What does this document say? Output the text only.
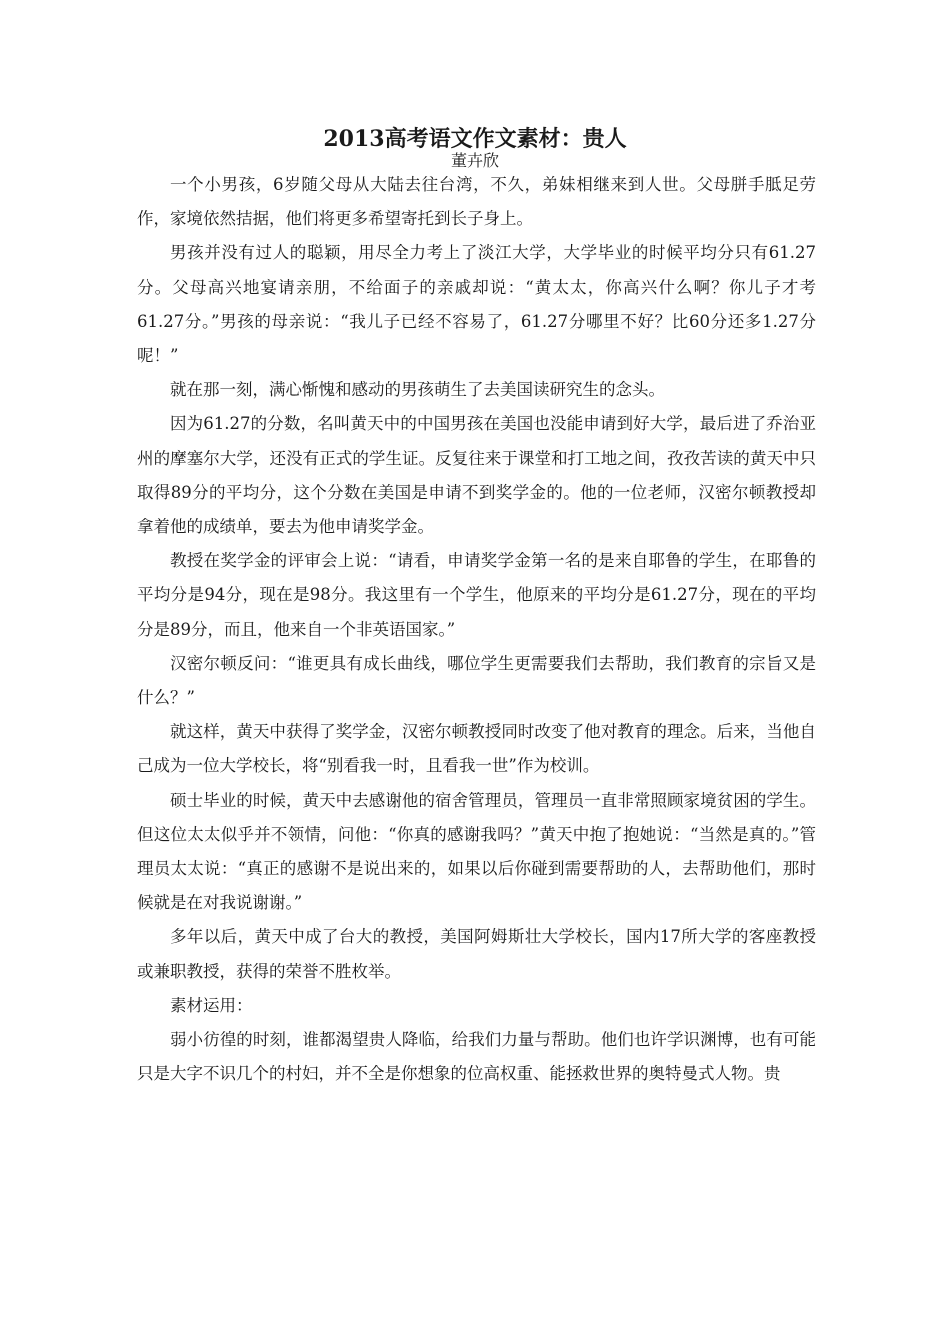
2013高考语文作文素材：贵人
董卉欣

一个小男孩，6岁随父母从大陆去往台湾，不久，弟妹相继来到人世。父母胼手胝足劳作，家境依然拮据，他们将更多希望寄托到长子身上。

男孩并没有过人的聪颖，用尽全力考上了淡江大学，大学毕业的时候平均分只有61.27分。父母高兴地宴请亲朋，不给面子的亲戚却说：“黄太太，你高兴什么啊？你儿子才考61.27分。”男孩的母亲说：“我儿子已经不容易了，61.27分哪里不好？比60分还多1.27分呢！”

就在那一刻，满心惭愧和感动的男孩萌生了去美国读研究生的念头。

因为61.27的分数，名叫黄天中的中国男孩在美国也没能申请到好大学，最后进了乔治亚州的摩塞尔大学，还没有正式的学生证。反复往来于课堂和打工地之间，孜孜苦读的黄天中只取得89分的平均分，这个分数在美国是申请不到奖学金的。他的一位老师，汉密尔顿教授却拿着他的成绩单，要去为他申请奖学金。

教授在奖学金的评审会上说：“请看，申请奖学金第一名的是来自耶鲁的学生，在耶鲁的平均分是94分，现在是98分。我这里有一个学生，他原来的平均分是61.27分，现在的平均分是89分，而且，他来自一个非英语国家。”

汉密尔顿反问：“谁更具有成长曲线，哪位学生更需要我们去帮助，我们教育的宗旨又是什么？”

就这样，黄天中获得了奖学金，汉密尔顿教授同时改变了他对教育的理念。后来，当他自己成为一位大学校长，将“别看我一时，且看我一世”作为校训。

硕士毕业的时候，黄天中去感谢他的宿舍管理员，管理员一直非常照顾家境贫困的学生。但这位太太似乎并不领情，问他：“你真的感谢我吗？”黄天中抱了抱她说：“当然是真的。”管理员太太说：“真正的感谢不是说出来的，如果以后你碰到需要帮助的人，去帮助他们，那时候就是在对我说谢谢。”

多年以后，黄天中成了台大的教授，美国阿姆斯壮大学校长，国内17所大学的客座教授或兼职教授，获得的荣誉不胜枚举。

素材运用：

弱小彷徨的时刻，谁都渴望贵人降临，给我们力量与帮助。他们也许学识渊博，也有可能只是大字不识几个的村妇，并不全是你想象的位高权重、能拯救世界的奥特曼式人物。贵
